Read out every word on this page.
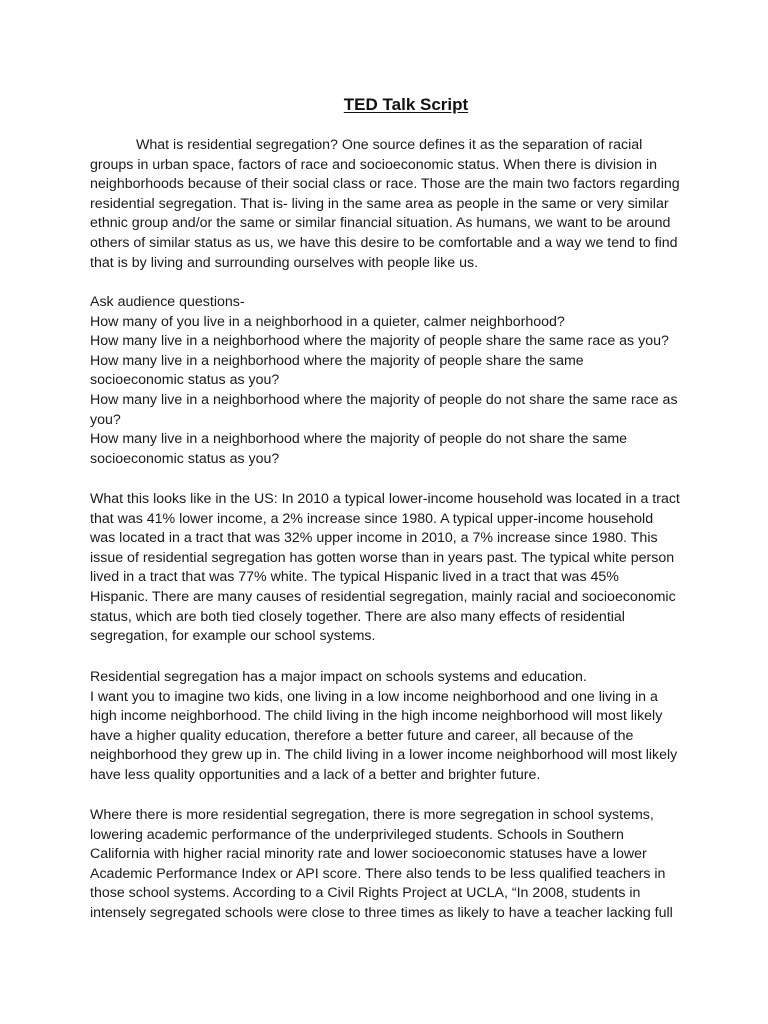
TED Talk Script

What is residential segregation? One source defines it as the separation of racial
groups in urban space, factors of race and socioeconomic status. When there is division in
neighborhoods because of their social class or race. Those are the main two factors regarding
residential segregation. That is- living in the same area as people in the same or very similar
ethnic group and/or the same or similar financial situation. As humans, we want to be around
others of similar status as us, we have this desire to be comfortable and a way we tend to find
that is by living and surrounding ourselves with people like us.

Ask audience questions-
How many of you live in a neighborhood in a quieter, calmer neighborhood?
How many live in a neighborhood where the majority of people share the same race as you?
How many live in a neighborhood where the majority of people share the same
socioeconomic status as you?
How many live in a neighborhood where the majority of people do not share the same race as
you?
How many live in a neighborhood where the majority of people do not share the same
socioeconomic status as you?

What this looks like in the US: In 2010 a typical lower-income household was located in a tract
that was 41% lower income, a 2% increase since 1980. A typical upper-income household
was located in a tract that was 32% upper income in 2010, a 7% increase since 1980. This
issue of residential segregation has gotten worse than in years past. The typical white person
lived in a tract that was 77% white. The typical Hispanic lived in a tract that was 45%
Hispanic. There are many causes of residential segregation, mainly racial and socioeconomic
status, which are both tied closely together. There are also many effects of residential
segregation, for example our school systems.

Residential segregation has a major impact on schools systems and education.
I want you to imagine two kids, one living in a low income neighborhood and one living in a
high income neighborhood. The child living in the high income neighborhood will most likely
have a higher quality education, therefore a better future and career, all because of the
neighborhood they grew up in. The child living in a lower income neighborhood will most likely
have less quality opportunities and a lack of a better and brighter future.

Where there is more residential segregation, there is more segregation in school systems,
lowering academic performance of the underprivileged students. Schools in Southern
California with higher racial minority rate and lower socioeconomic statuses have a lower
Academic Performance Index or API score. There also tends to be less qualified teachers in
those school systems. According to a Civil Rights Project at UCLA, “In 2008, students in
intensely segregated schools were close to three times as likely to have a teacher lacking full
